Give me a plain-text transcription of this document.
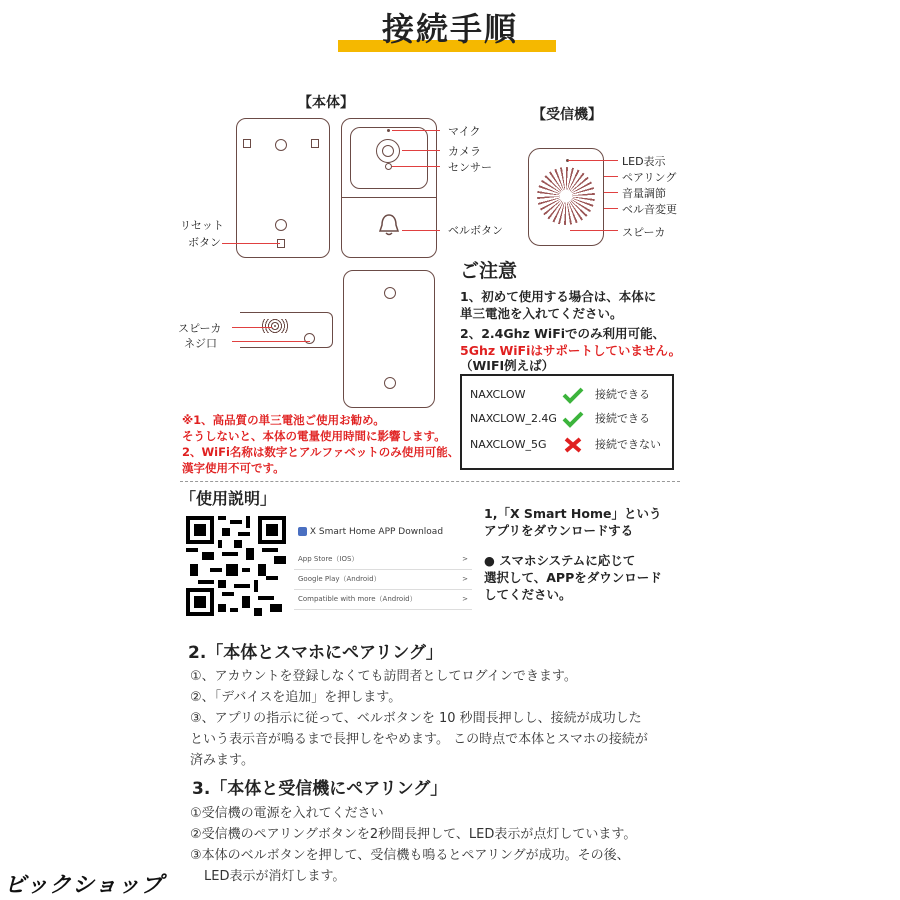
接続手順
【本体】
リセット
ボタン
マイク
カメラ
センサー
ベルボタン
スピーカ
ネジ口
【受信機】
LED表示
ペアリング
音量調節
ベル音変更
スピーカ
ご注意
1、初めて使用する場合は、本体に
単三電池を入れてください。
2、2.4Ghz WiFiでのみ利用可能、
5Ghz WiFiはサポートしていません。
（WIFI例えば）
NAXCLOW	接続できる
NAXCLOW_2.4G	接続できる
NAXCLOW_5G	接続できない
※1、高品質の単三電池ご使用お勧め。
そうしないと、本体の電量使用時間に影響します。
2、WiFi名称は数字とアルファベットのみ使用可能、
漢字使用不可です。
「使用説明」
X Smart Home APP Download
App Store（IOS）	>
Google Play（Android）	>
Compatible with more（Android）	>
1,「X Smart Home」という
アプリをダウンロードする
● スマホシステムに応じて
選択して、APPをダウンロード
してください。
2.「本体とスマホにペアリング」
①、アカウントを登録しなくても訪問者としてログインできます。
②、「デバイスを追加」を押します。
③、アプリの指示に従って、ベルボタンを 10 秒間長押しし、接続が成功した
という表示音が鳴るまで長押しをやめます。 この時点で本体とスマホの接続が
済みます。
3.「本体と受信機にペアリング」
①受信機の電源を入れてください
②受信機のペアリングボタンを2秒間長押して、LED表示が点灯しています。
③本体のベルボタンを押して、受信機も鳴るとペアリングが成功。その後、
LED表示が消灯します。
ビックショップ
